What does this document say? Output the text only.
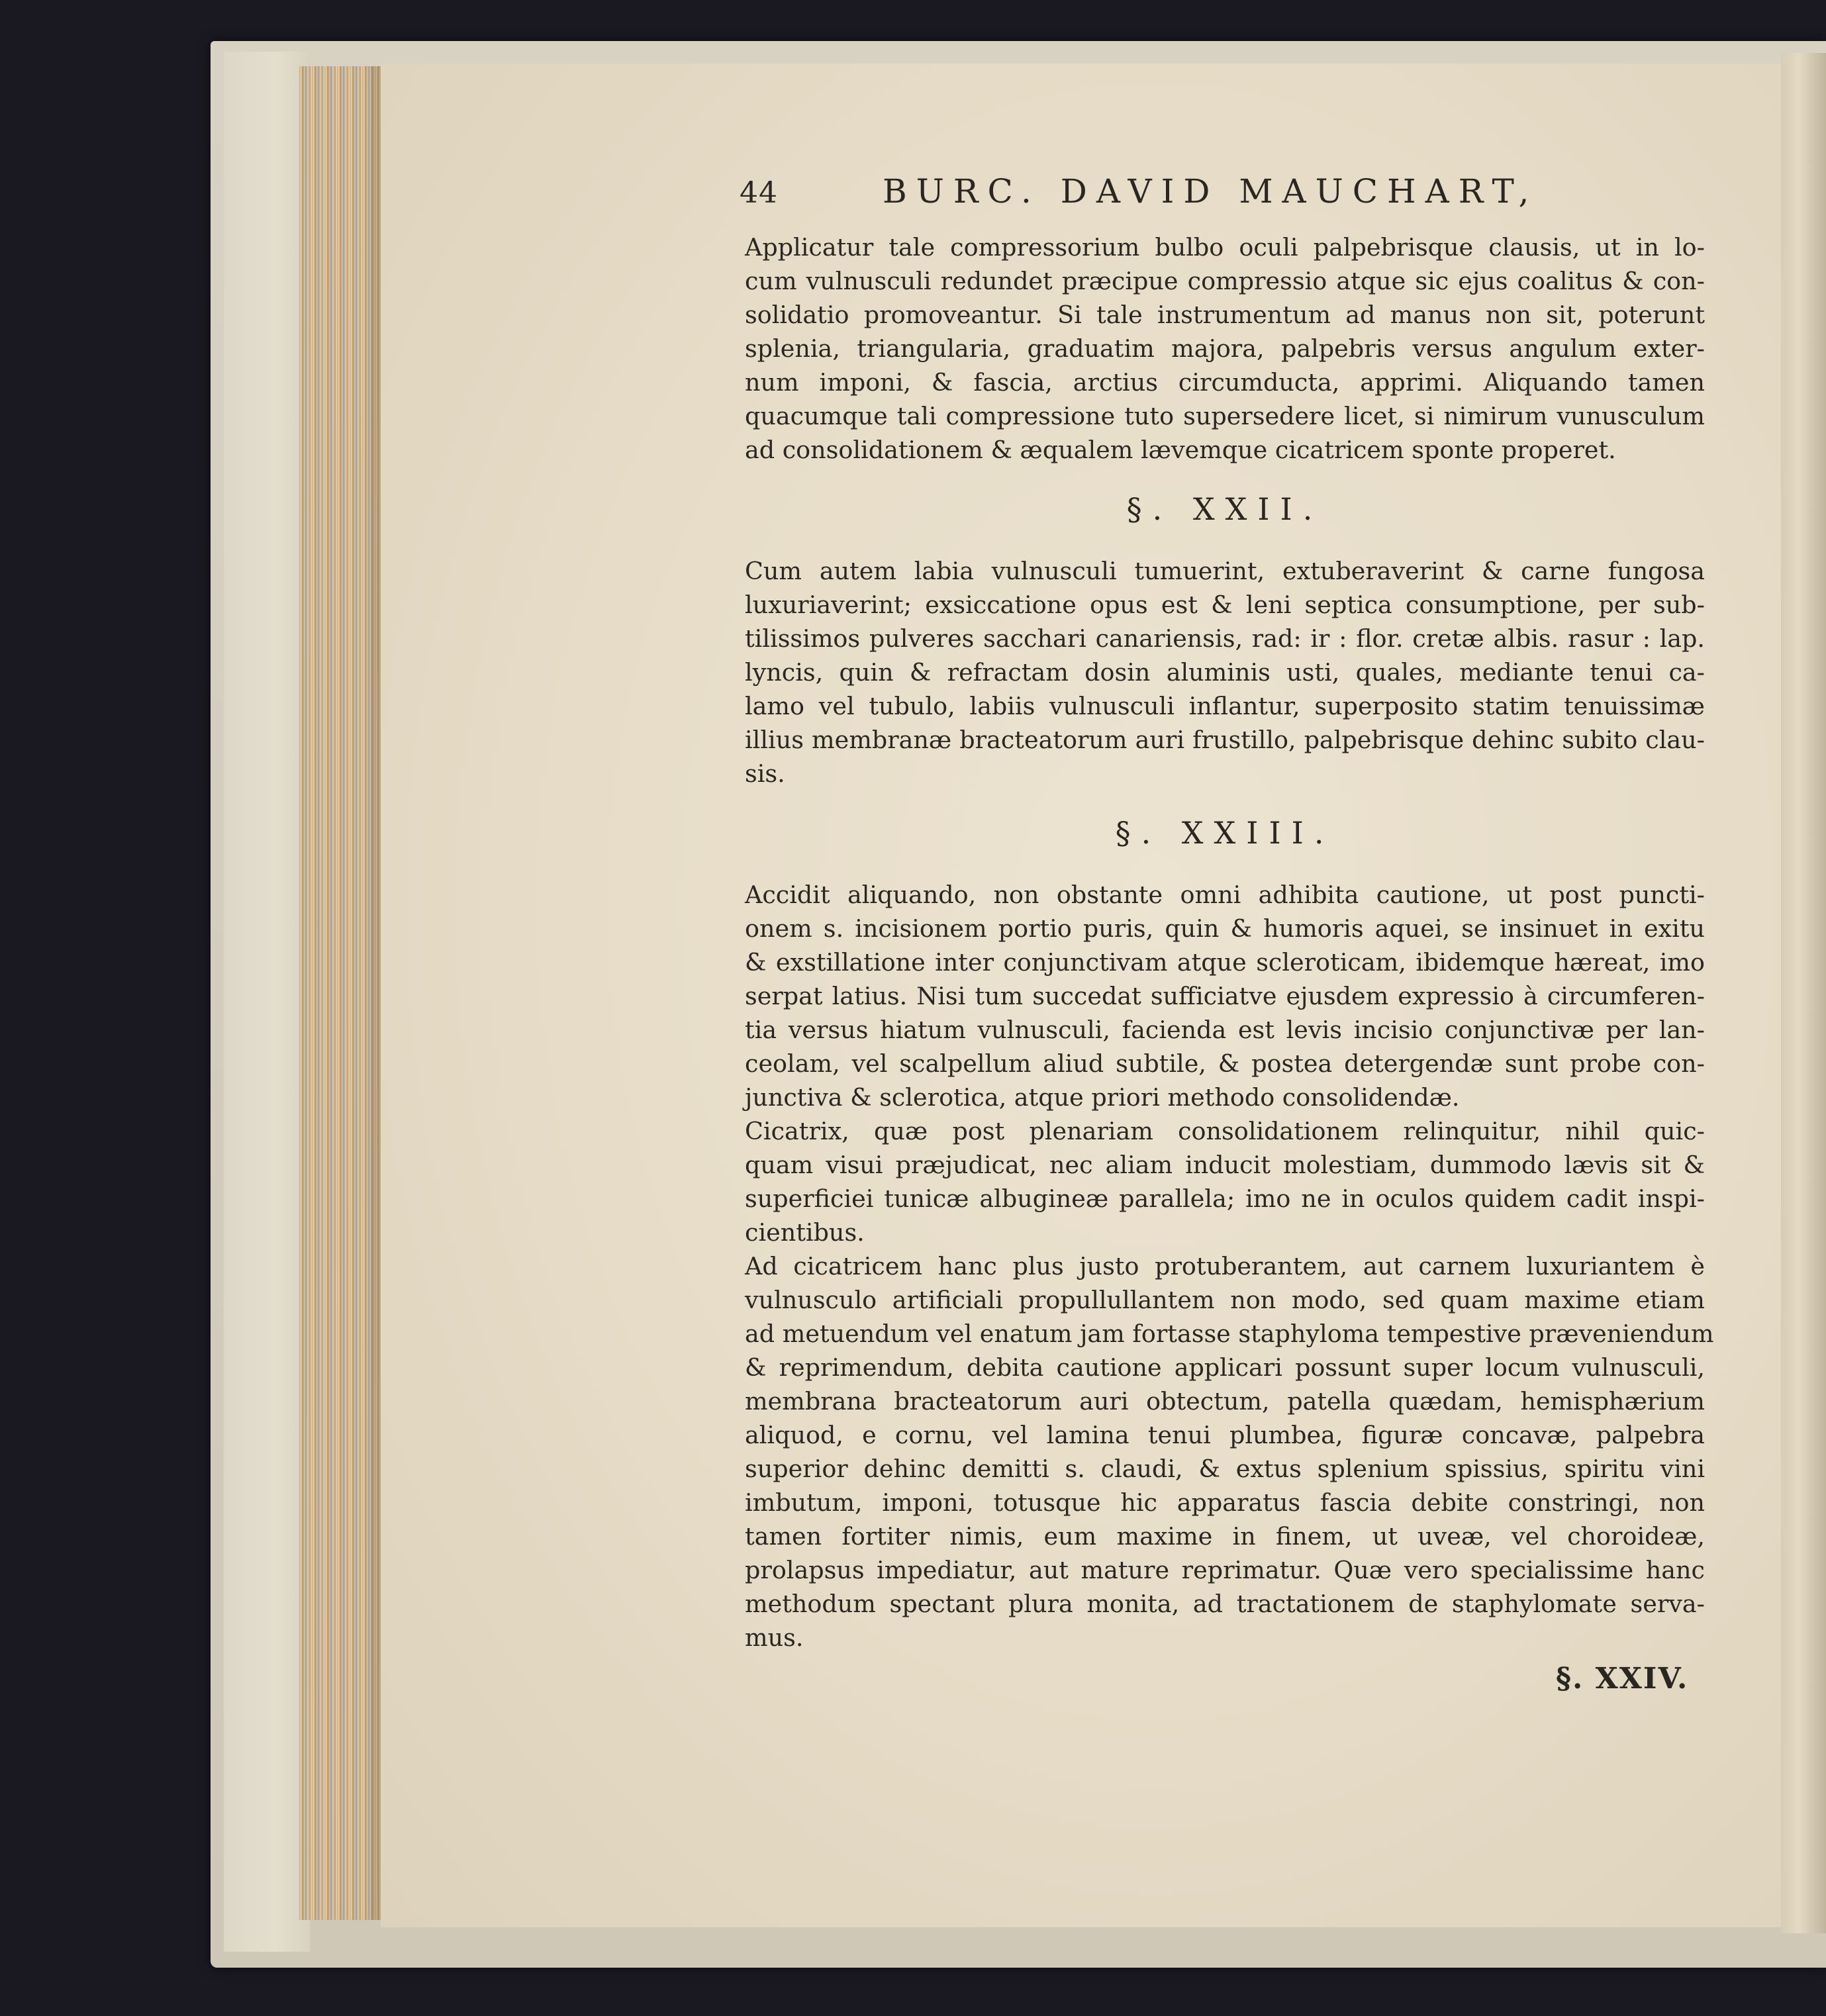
44	BURC. DAVID MAUCHART,
Applicatur tale compressorium bulbo oculi palpebrisque clausis, ut in lo-
cum vulnusculi redundet præcipue compressio atque sic ejus coalitus & con-
solidatio promoveantur. Si tale instrumentum ad manus non sit, poterunt
splenia, triangularia, graduatim majora, palpebris versus angulum exter-
num imponi, & fascia, arctius circumducta, apprimi. Aliquando tamen
quacumque tali compressione tuto supersedere licet, si nimirum vunusculum
ad consolidationem & æqualem lævemque cicatricem sponte properet.
§. XXII.
Cum autem labia vulnusculi tumuerint, extuberaverint & carne fungosa
luxuriaverint; exsiccatione opus est & leni septica consumptione, per sub-
tilissimos pulveres sacchari canariensis, rad: ir : flor. cretæ albis. rasur : lap.
lyncis, quin & refractam dosin aluminis usti, quales, mediante tenui ca-
lamo vel tubulo, labiis vulnusculi inflantur, superposito statim tenuissimæ
illius membranæ bracteatorum auri frustillo, palpebrisque dehinc subito clau-
sis.
§. XXIII.
Accidit aliquando, non obstante omni adhibita cautione, ut post puncti-
onem s. incisionem portio puris, quin & humoris aquei, se insinuet in exitu
& exstillatione inter conjunctivam atque scleroticam, ibidemque hæreat, imo
serpat latius. Nisi tum succedat sufficiatve ejusdem expressio à circumferen-
tia versus hiatum vulnusculi, facienda est levis incisio conjunctivæ per lan-
ceolam, vel scalpellum aliud subtile, & postea detergendæ sunt probe con-
junctiva & sclerotica, atque priori methodo consolidendæ.
Cicatrix, quæ post plenariam consolidationem relinquitur, nihil quic-
quam visui præjudicat, nec aliam inducit molestiam, dummodo lævis sit &
superficiei tunicæ albugineæ parallela; imo ne in oculos quidem cadit inspi-
cientibus.
Ad cicatricem hanc plus justo protuberantem, aut carnem luxuriantem è
vulnusculo artificiali propullullantem non modo, sed quam maxime etiam
ad metuendum vel enatum jam fortasse staphyloma tempestive præveniendum
& reprimendum, debita cautione applicari possunt super locum vulnusculi,
membrana bracteatorum auri obtectum, patella quædam, hemisphærium
aliquod, e cornu, vel lamina tenui plumbea, figuræ concavæ, palpebra
superior dehinc demitti s. claudi, & extus splenium spissius, spiritu vini
imbutum, imponi, totusque hic apparatus fascia debite constringi, non
tamen fortiter nimis, eum maxime in finem, ut uveæ, vel choroideæ,
prolapsus impediatur, aut mature reprimatur. Quæ vero specialissime hanc
methodum spectant plura monita, ad tractationem de staphylomate serva-
mus.
§. XXIV.
